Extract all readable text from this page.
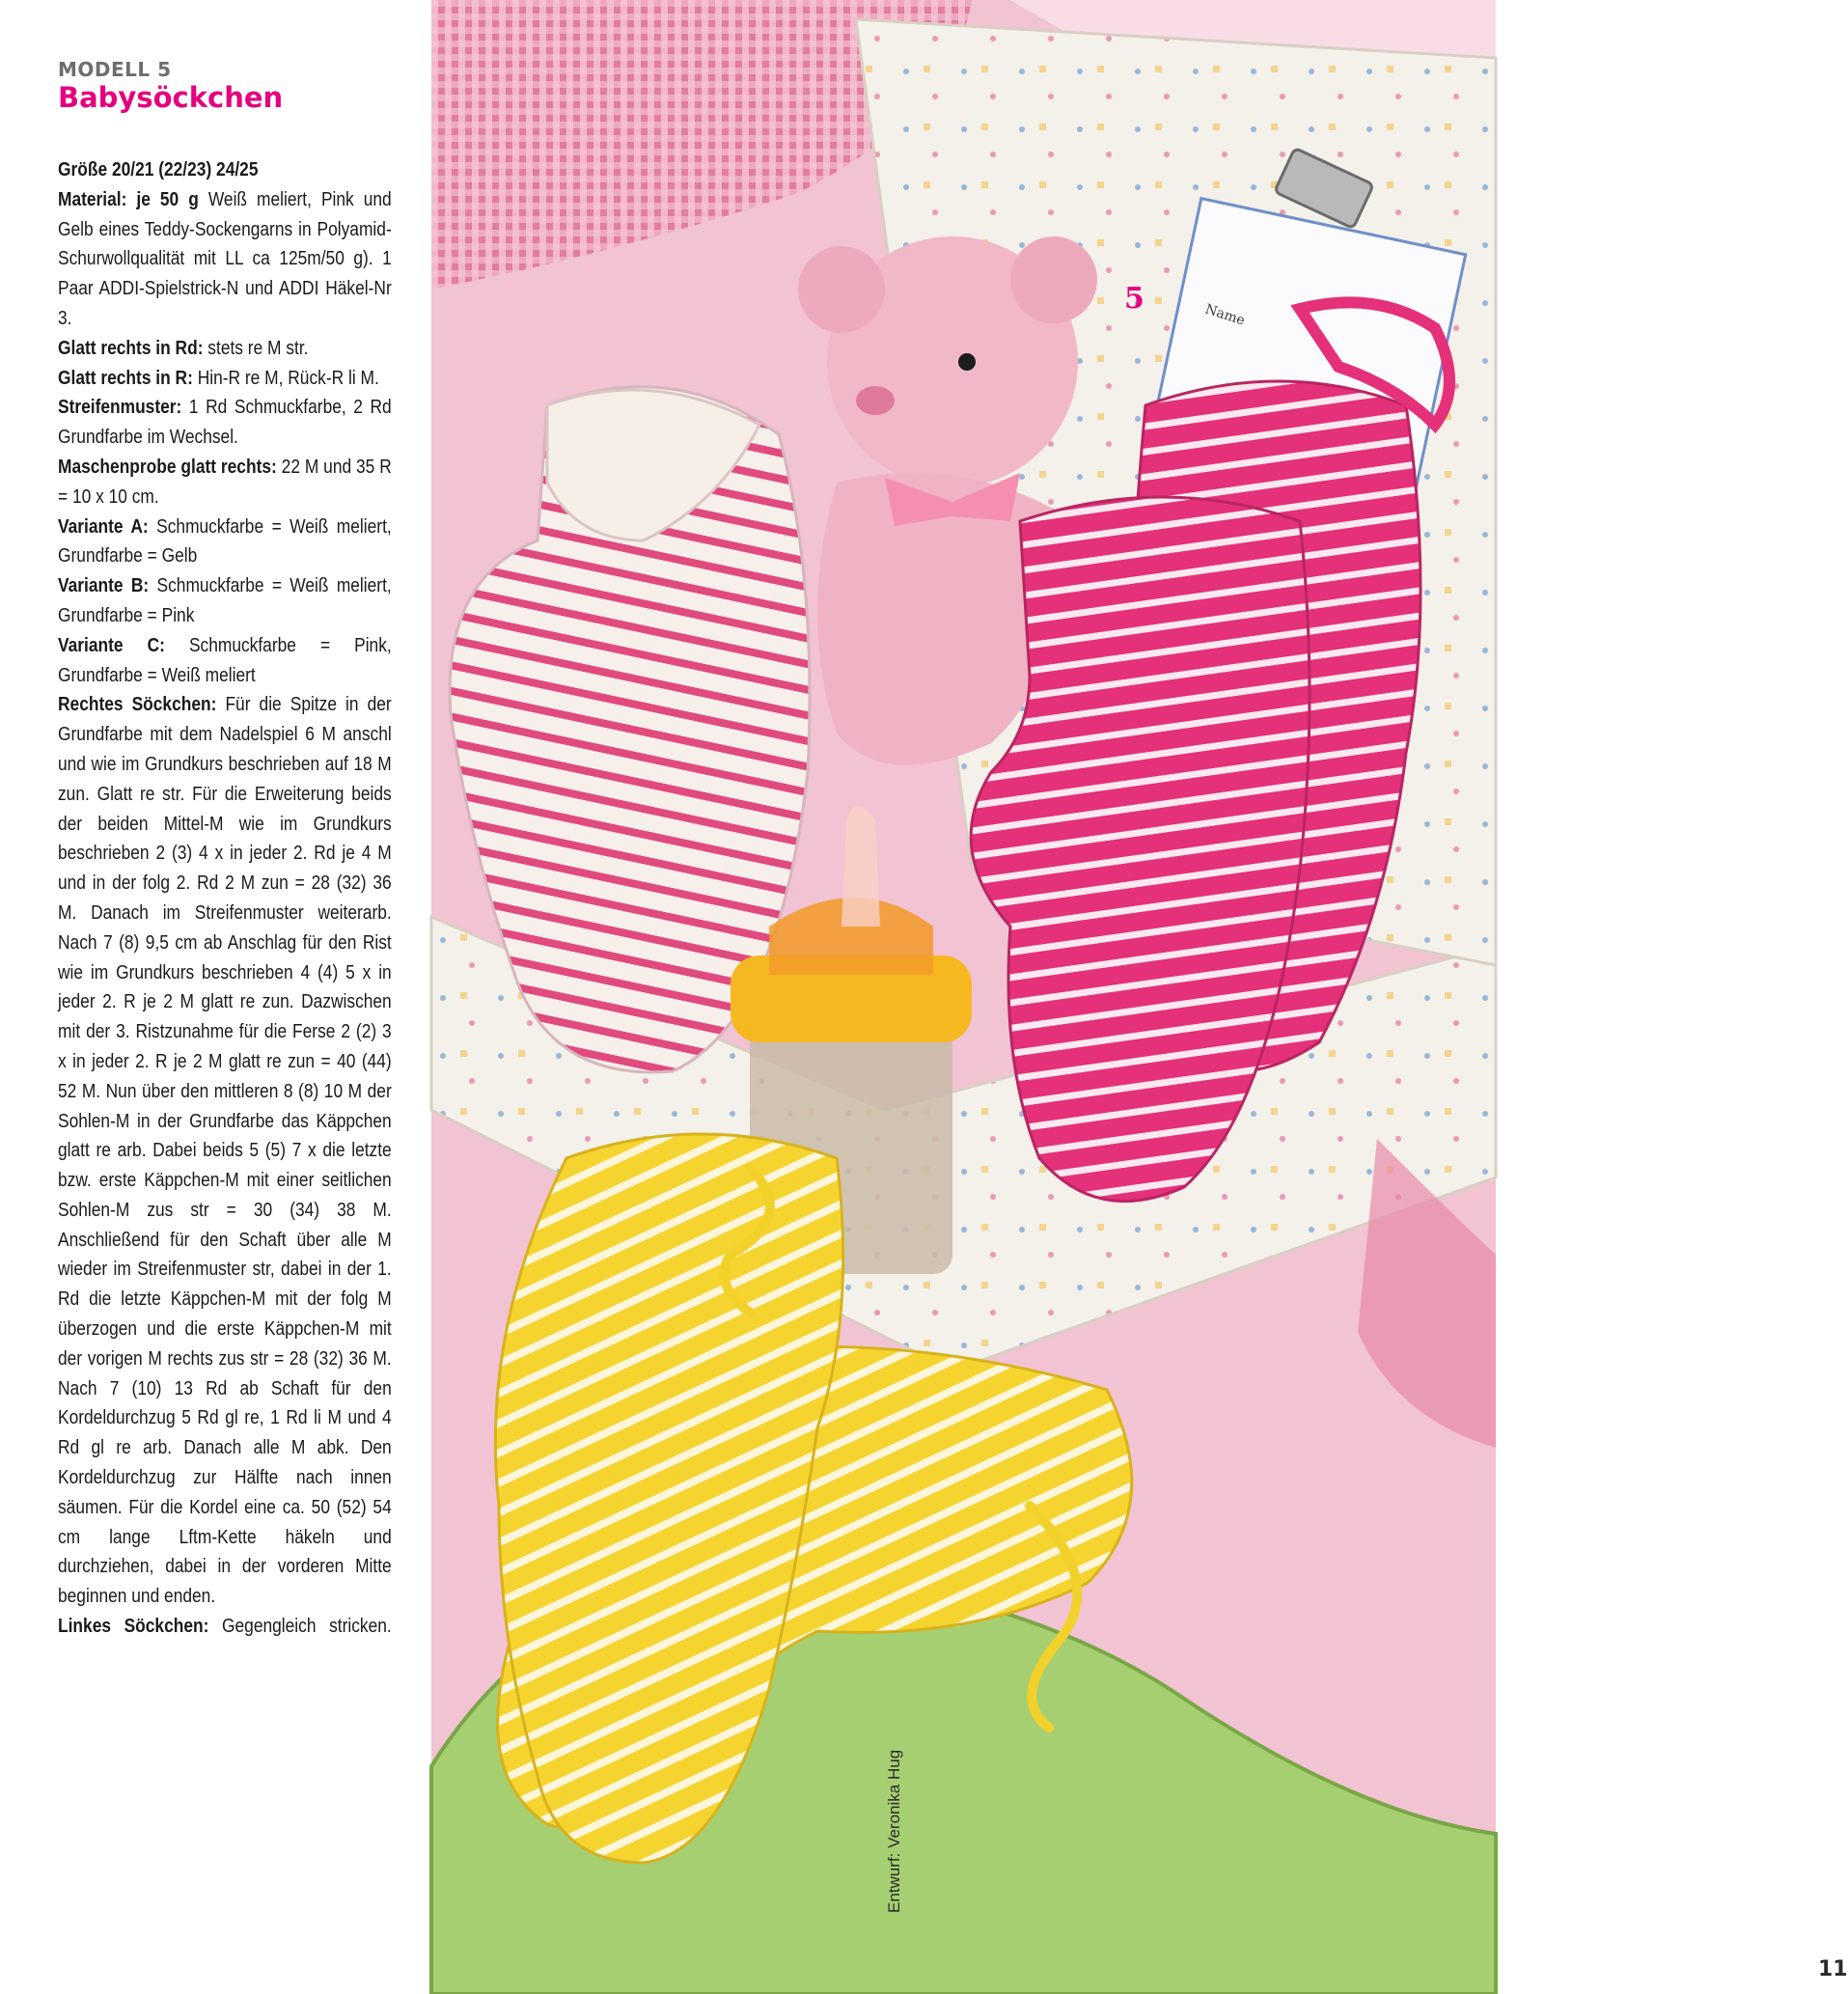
MODELL 5
Babysöckchen

Größe 20/21 (22/23) 24/25

Material: je 50 g Weiß meliert, Pink und Gelb eines Teddy-Sockengarns in Polyamid-Schurwollqualität mit LL ca 125m/50 g). 1 Paar ADDI-Spielstrick-N und ADDI Häkel-Nr 3.

Glatt rechts in Rd: stets re M str.

Glatt rechts in R: Hin-R re M, Rück-R li M.

Streifenmuster: 1 Rd Schmuckfarbe, 2 Rd Grundfarbe im Wechsel.

Maschenprobe glatt rechts: 22 M und 35 R = 10 x 10 cm.

Variante A: Schmuckfarbe = Weiß meliert, Grundfarbe = Gelb

Variante B: Schmuckfarbe = Weiß meliert, Grundfarbe = Pink

Variante C: Schmuckfarbe = Pink, Grundfarbe = Weiß meliert

Rechtes Söckchen: Für die Spitze in der Grundfarbe mit dem Nadelspiel 6 M anschl und wie im Grundkurs beschrieben auf 18 M zun. Glatt re str. Für die Erweiterung beids der beiden Mittel-M wie im Grundkurs beschrieben 2 (3) 4 x in jeder 2. Rd je 4 M und in der folg 2. Rd 2 M zun = 28 (32) 36 M. Danach im Streifenmuster weiterarb. Nach 7 (8) 9,5 cm ab Anschlag für den Rist wie im Grundkurs beschrieben 4 (4) 5 x in jeder 2. R je 2 M glatt re zun. Dazwischen mit der 3. Ristzunahme für die Ferse 2 (2) 3 x in jeder 2. R je 2 M glatt re zun = 40 (44) 52 M. Nun über den mittleren 8 (8) 10 M der Sohlen-M in der Grundfarbe das Käppchen glatt re arb. Dabei beids 5 (5) 7 x die letzte bzw. erste Käppchen-M mit einer seitlichen Sohlen-M zus str = 30 (34) 38 M. Anschließend für den Schaft über alle M wieder im Streifenmuster str, dabei in der 1. Rd die letzte Käppchen-M mit der folg M überzogen und die erste Käppchen-M mit der vorigen M rechts zus str = 28 (32) 36 M. Nach 7 (10) 13 Rd ab Schaft für den Kordeldurchzug 5 Rd gl re, 1 Rd li M und 4 Rd gl re arb. Danach alle M abk. Den Kordeldurchzug zur Hälfte nach innen säumen. Für die Kordel eine ca. 50 (52) 54 cm lange Lftm-Kette häkeln und durchziehen, dabei in der vorderen Mitte beginnen und enden.

Linkes Söckchen: Gegengleich stricken.

Name
5
Entwurf: Veronika Hug
11
